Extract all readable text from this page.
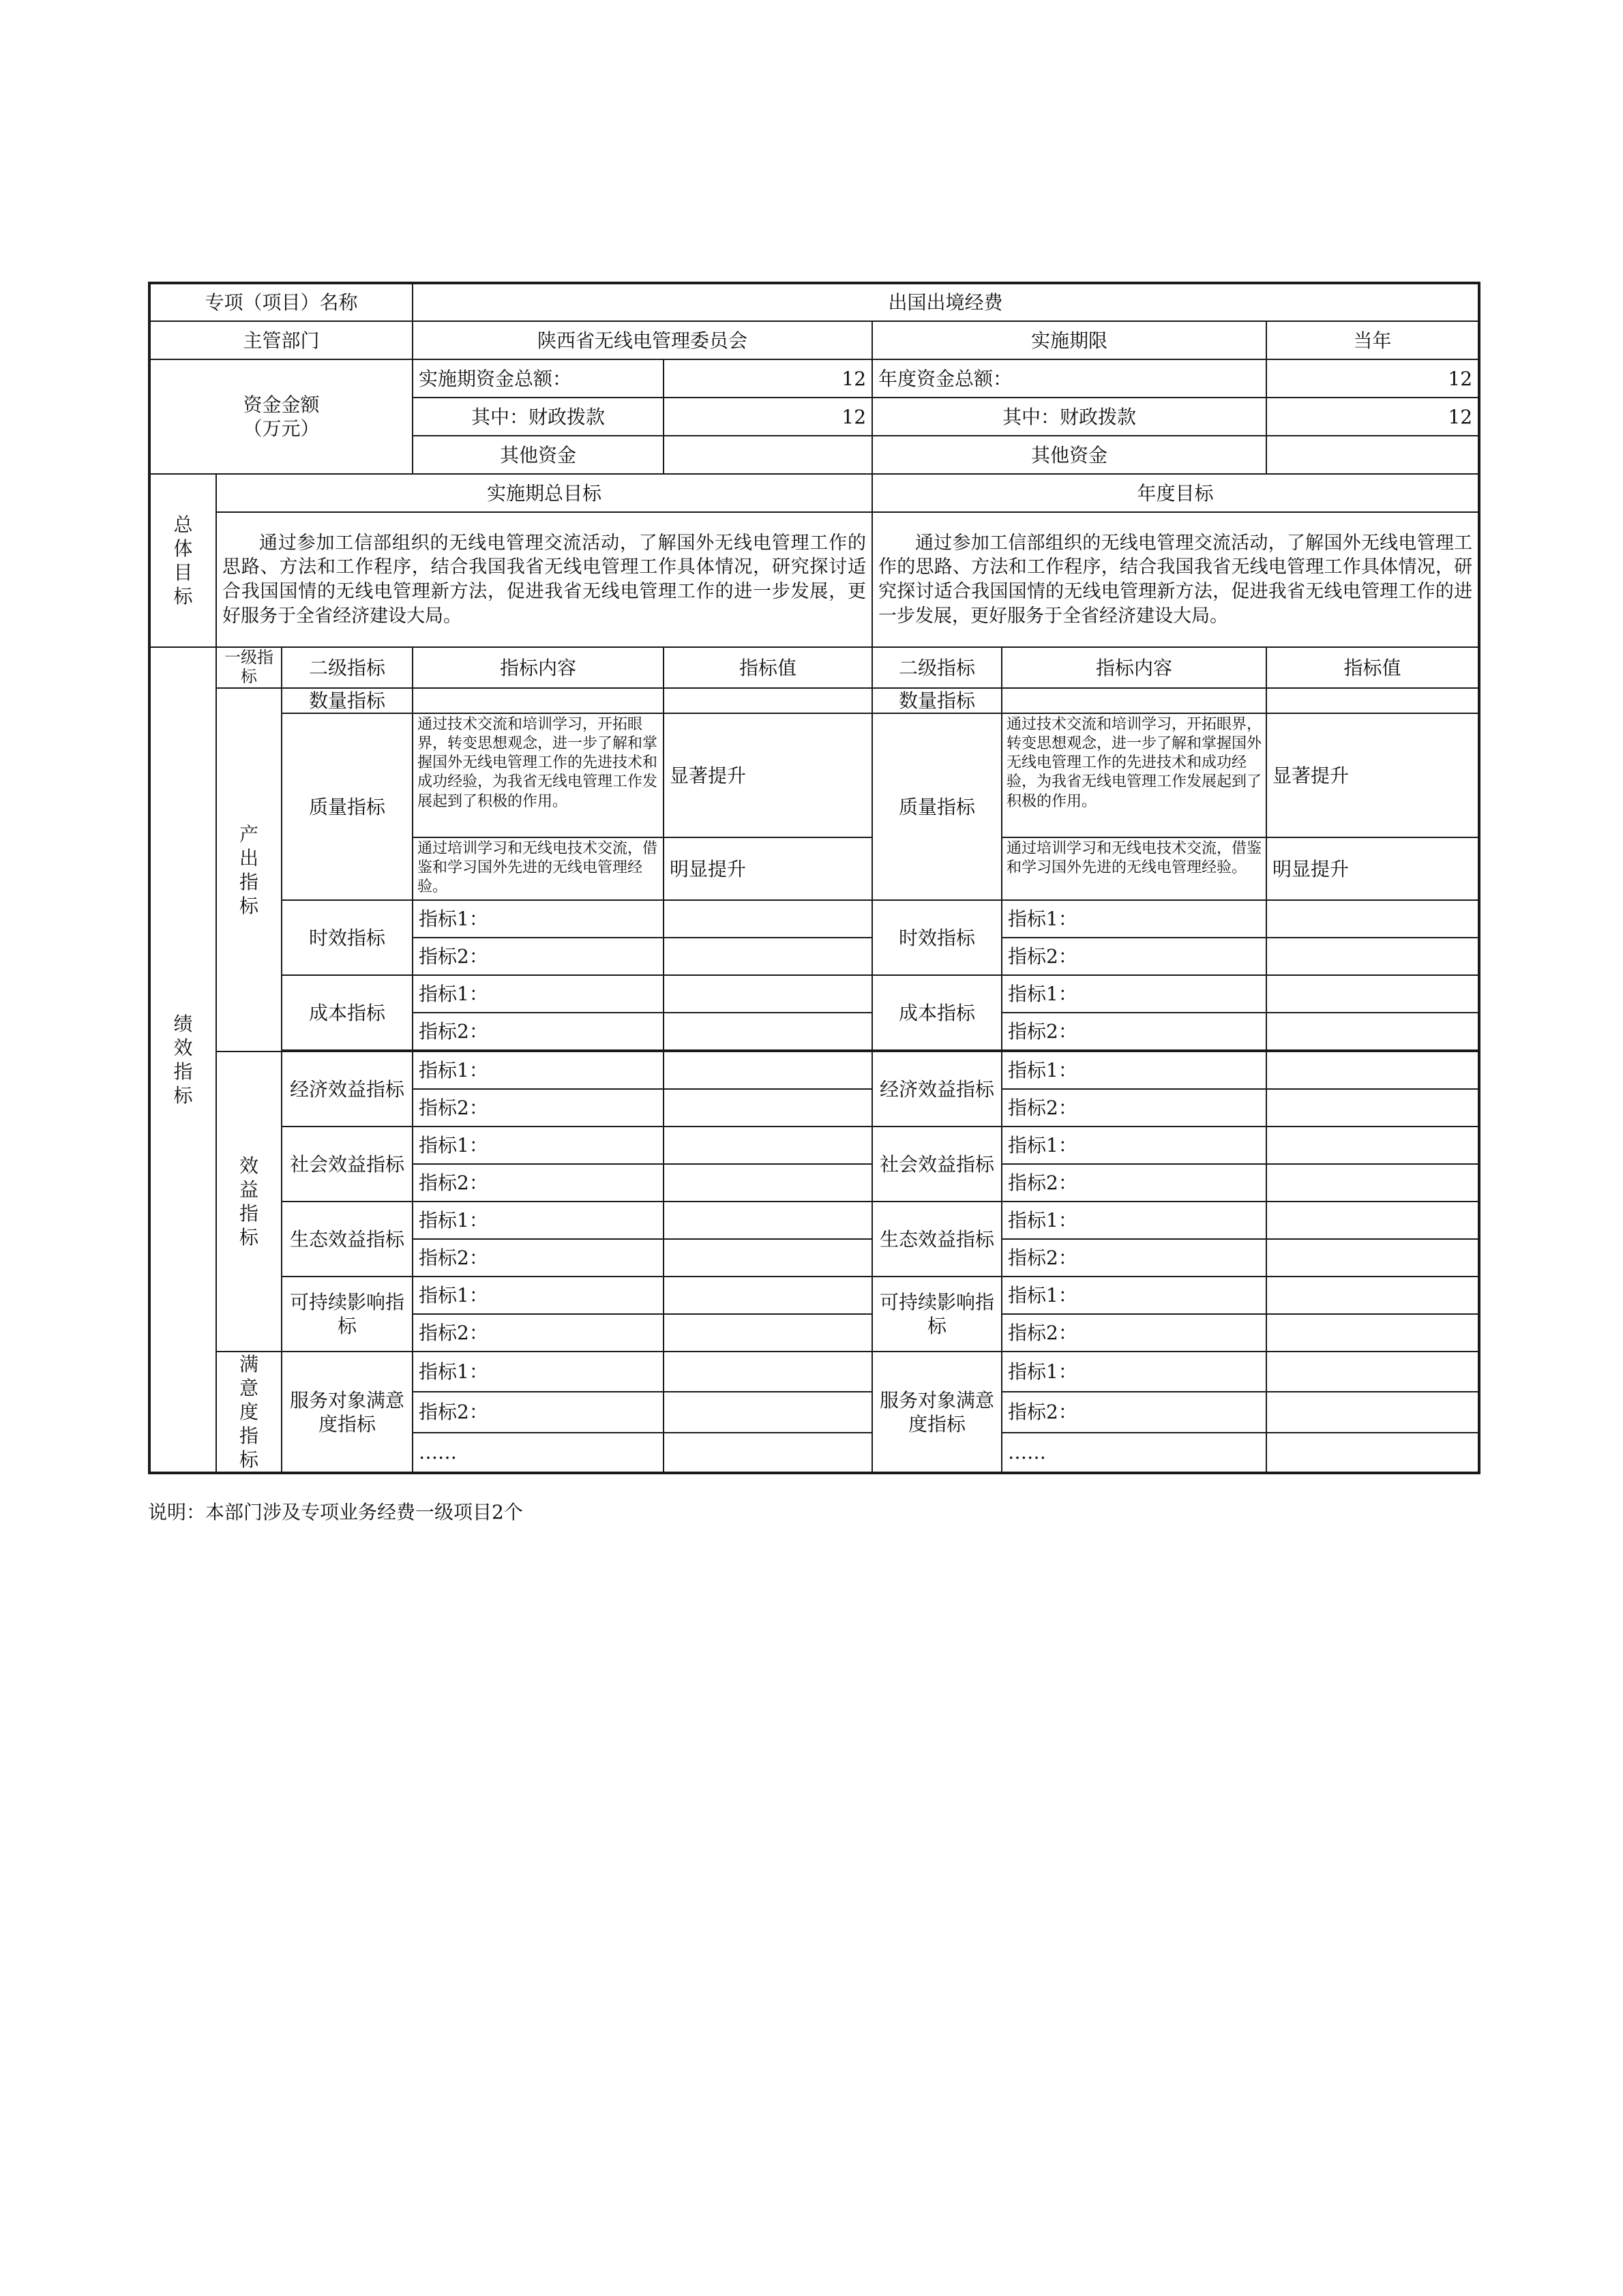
专项（项目）名称			出国出境经费				
主管部门			陕西省无线电管理委员会		实施期限		当年

资金金额
（万元）			实施期资金总额：	12	年度资金总额：		12
			其中：财政拨款	12	其中：财政拨款		12
			其他资金		其他资金		
总体目标	实施期总目标				年度目标		
	通过参加工信部组织的无线电管理交流活动，了解国外无线电管理工作的思路、方法和工作程序，结合我国我省无线电管理工作具体情况，研究探讨适合我国国情的无线电管理新方法，促进我省无线电管理工作的进一步发展，更好服务于全省经济建设大局。				通过参加工信部组织的无线电管理交流活动，了解国外无线电管理工作的思路、方法和工作程序，结合我国我省无线电管理工作具体情况，研究探讨适合我国国情的无线电管理新方法，促进我省无线电管理工作的进一步发展，更好服务于全省经济建设大局。		
绩效指标	一级指标	二级指标	指标内容	指标值	二级指标	指标内容	指标值
	产出指标	数量指标			数量指标		
		质量指标	通过技术交流和培训学习，开拓眼界，转变思想观念，进一步了解和掌握国外无线电管理工作的先进技术和成功经验，为我省无线电管理工作发展起到了积极的作用。	显著提升	质量指标	通过技术交流和培训学习，开拓眼界，转变思想观念，进一步了解和掌握国外无线电管理工作的先进技术和成功经验，为我省无线电管理工作发展起到了积极的作用。	显著提升
			通过培训学习和无线电技术交流，借鉴和学习国外先进的无线电管理经验。	明显提升		通过培训学习和无线电技术交流，借鉴和学习国外先进的无线电管理经验。	明显提升
		时效指标	指标1：		时效指标	指标1：	
			指标2：			指标2：	
		成本指标	指标1：		成本指标	指标1：	
			指标2：			指标2：	

	效益指标	经济效益指标	指标1：		经济效益指标	指标1：	
			指标2：			指标2：	
		社会效益指标	指标1：		社会效益指标	指标1：	
			指标2：			指标2：	
		生态效益指标	指标1：		生态效益指标	指标1：	
			指标2：			指标2：	
		可持续影响指标	指标1：		可持续影响指标	指标1：	
			指标2：			指标2：	
	满意度指标	服务对象满意度指标	指标1：		服务对象满意度指标	指标1：	
			指标2：			指标2：	
			……			……	
说明：本部门涉及专项业务经费一级项目2个
